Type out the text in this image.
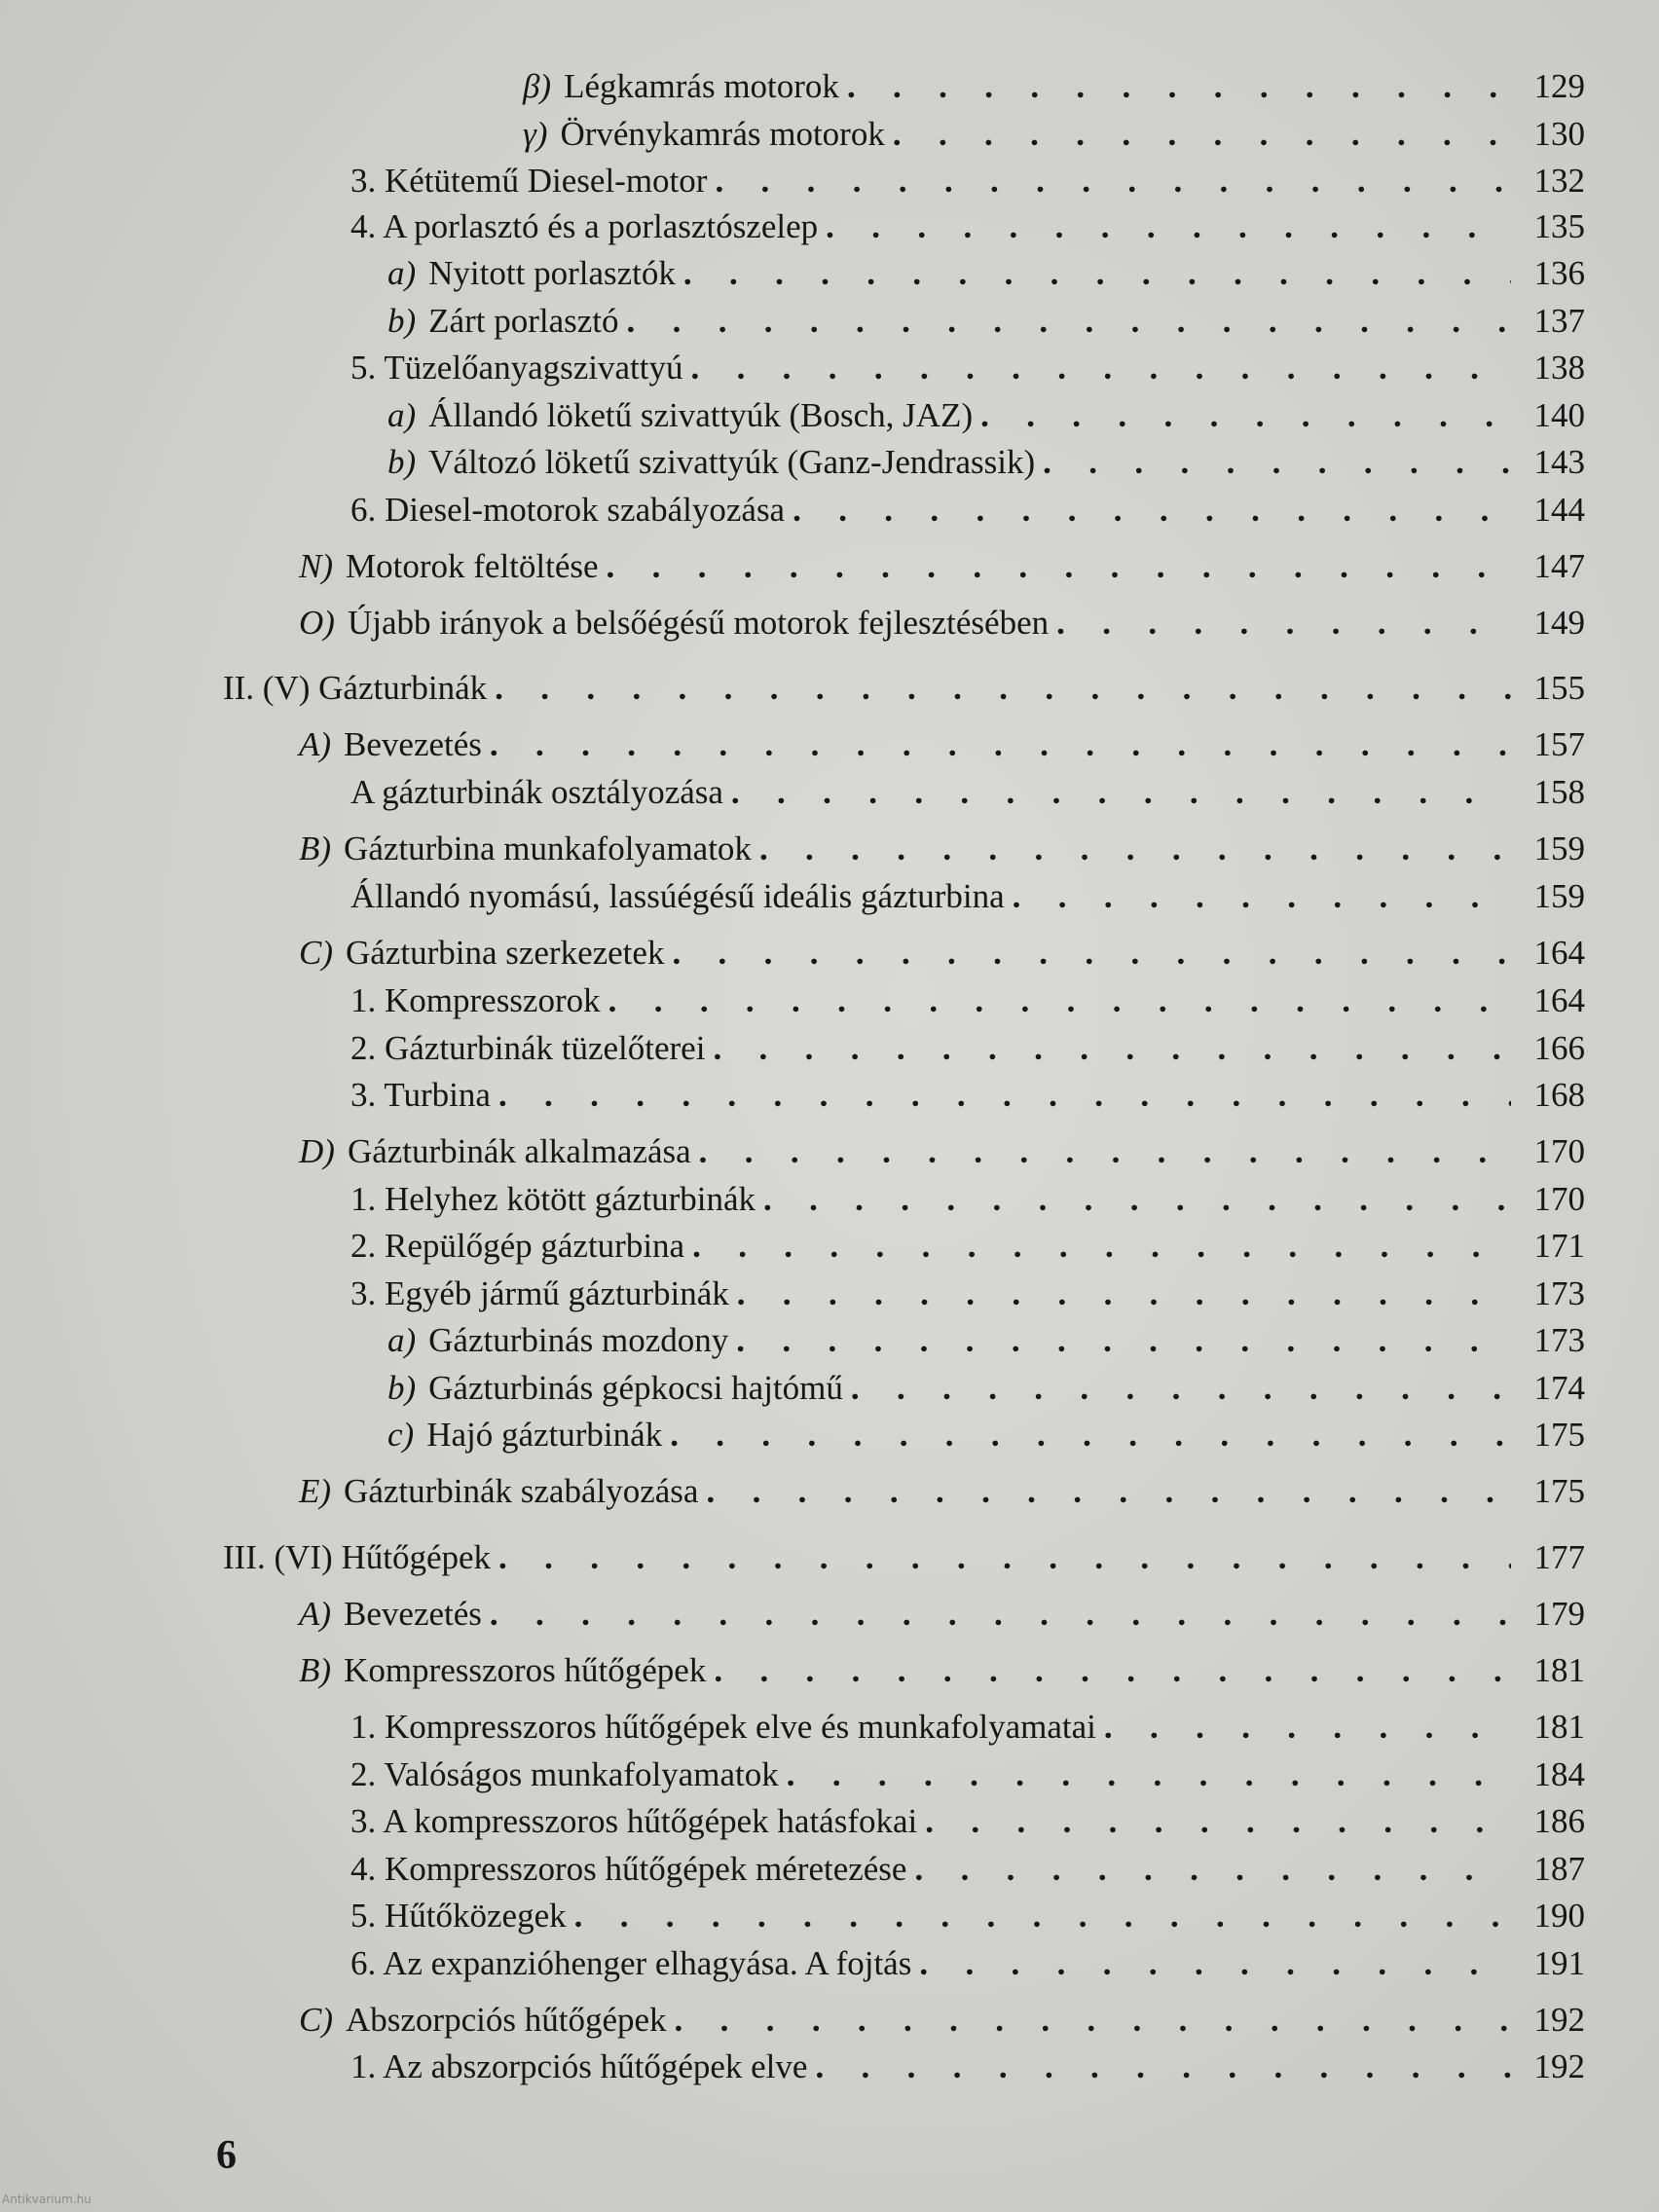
β) Légkamrás motorok . . .	129
γ) Örvénykamrás motorok . . .	130
3. Kétütemű Diesel-motor . . .	132
4. A porlasztó és a porlasztószelep . . .	135
a) Nyitott porlasztók . . .	136
b) Zárt porlasztó . . .	137
5. Tüzelőanyagszivattyú . . .	138
a) Állandó löketű szivattyúk (Bosch, JAZ) . . .	140
b) Változó löketű szivattyúk (Ganz-Jendrassik) . . .	143
6. Diesel-motorok szabályozása . . .	144
N) Motorok feltöltése . . .	147
O) Újabb irányok a belsőégésű motorok fejlesztésében . . .	149
II. (V) Gázturbinák . . .	155
A) Bevezetés . . .	157
A gázturbinák osztályozása . . .	158
B) Gázturbina munkafolyamatok . . .	159
Állandó nyomású, lassúégésű ideális gázturbina . . .	159
C) Gázturbina szerkezetek . . .	164
1. Kompresszorok . . .	164
2. Gázturbinák tüzelőterei . . .	166
3. Turbina . . .	168
D) Gázturbinák alkalmazása . . .	170
1. Helyhez kötött gázturbinák . . .	170
2. Repülőgép gázturbina . . .	171
3. Egyéb jármű gázturbinák . . .	173
a) Gázturbinás mozdony . . .	173
b) Gázturbinás gépkocsi hajtómű . . .	174
c) Hajó gázturbinák . . .	175
E) Gázturbinák szabályozása . . .	175
III. (VI) Hűtőgépek . . .	177
A) Bevezetés . . .	179
B) Kompresszoros hűtőgépek . . .	181
1. Kompresszoros hűtőgépek elve és munkafolyamatai . . .	181
2. Valóságos munkafolyamatok . . .	184
3. A kompresszoros hűtőgépek hatásfokai . . .	186
4. Kompresszoros hűtőgépek méretezése . . .	187
5. Hűtőközegek . . .	190
6. Az expanzióhenger elhagyása. A fojtás . . .	191
C) Abszorpciós hűtőgépek . . .	192
1. Az abszorpciós hűtőgépek elve . . .	192
6
Antikvarium.hu
